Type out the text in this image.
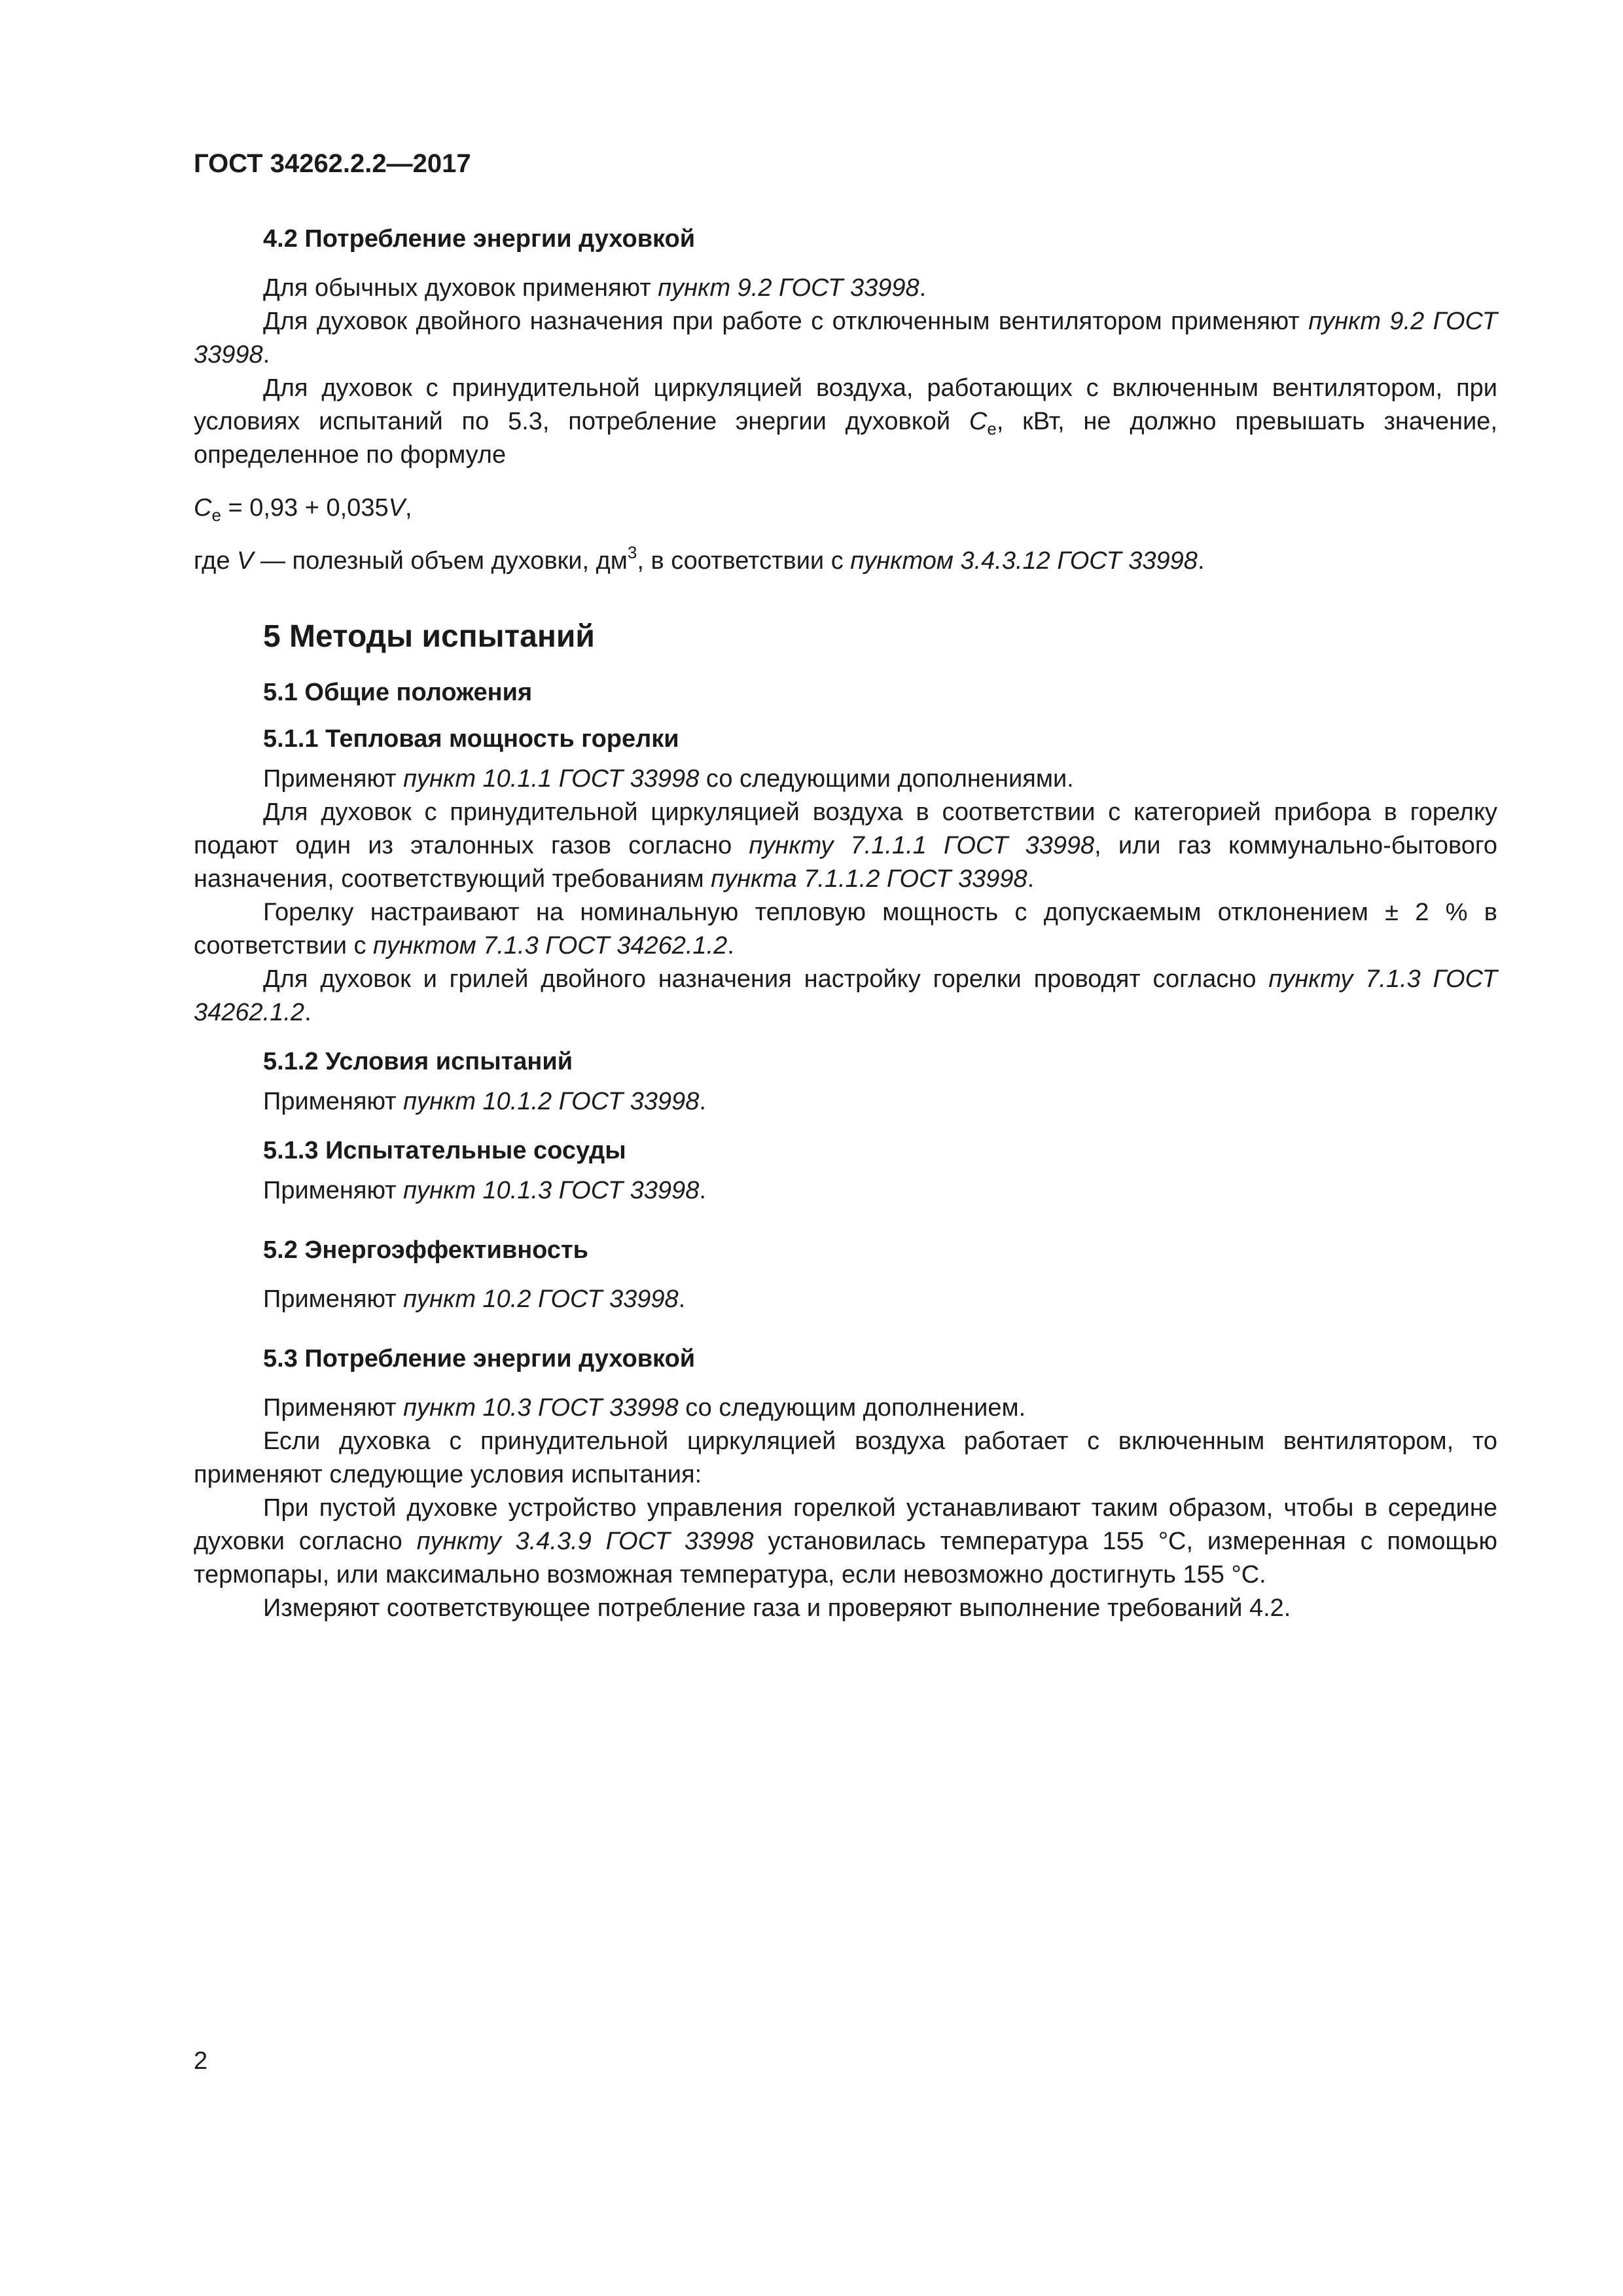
ГОСТ 34262.2.2—2017

4.2 Потребление энергии духовкой

Для обычных духовок применяют пункт 9.2 ГОСТ 33998.

Для духовок двойного назначения при работе с отключенным вентилятором применяют пункт 9.2 ГОСТ 33998.

Для духовок с принудительной циркуляцией воздуха, работающих с включенным вентилятором, при условиях испытаний по 5.3, потребление энергии духовкой $C_e$, кВт, не должно превышать значение, определенное по формуле

$C_e = 0,93 + 0,035V$,

где V — полезный объем духовки, $дм^3$, в соответствии с пунктом 3.4.3.12 ГОСТ 33998.

5 Методы испытаний
5.1 Общие положения
5.1.1 Тепловая мощность горелки

Применяют пункт 10.1.1 ГОСТ 33998 со следующими дополнениями.

Для духовок с принудительной циркуляцией воздуха в соответствии с категорией прибора в горелку подают один из эталонных газов согласно пункту 7.1.1.1 ГОСТ 33998, или газ коммунально-бытового назначения, соответствующий требованиям пункта 7.1.1.2 ГОСТ 33998.

Горелку настраивают на номинальную тепловую мощность с допускаемым отклонением ± 2 % в соответствии с пунктом 7.1.3 ГОСТ 34262.1.2.

Для духовок и грилей двойного назначения настройку горелки проводят согласно пункту 7.1.3 ГОСТ 34262.1.2.

5.1.2 Условия испытаний

Применяют пункт 10.1.2 ГОСТ 33998.

5.1.3 Испытательные сосуды

Применяют пункт 10.1.3 ГОСТ 33998.

5.2 Энергоэффективность

Применяют пункт 10.2 ГОСТ 33998.

5.3 Потребление энергии духовкой

Применяют пункт 10.3 ГОСТ 33998 со следующим дополнением.

Если духовка с принудительной циркуляцией воздуха работает с включенным вентилятором, то применяют следующие условия испытания:

При пустой духовке устройство управления горелкой устанавливают таким образом, чтобы в середине духовки согласно пункту 3.4.3.9 ГОСТ 33998 установилась температура 155 °С, измеренная с помощью термопары, или максимально возможная температура, если невозможно достигнуть 155 °С.

Измеряют соответствующее потребление газа и проверяют выполнение требований 4.2.

2
